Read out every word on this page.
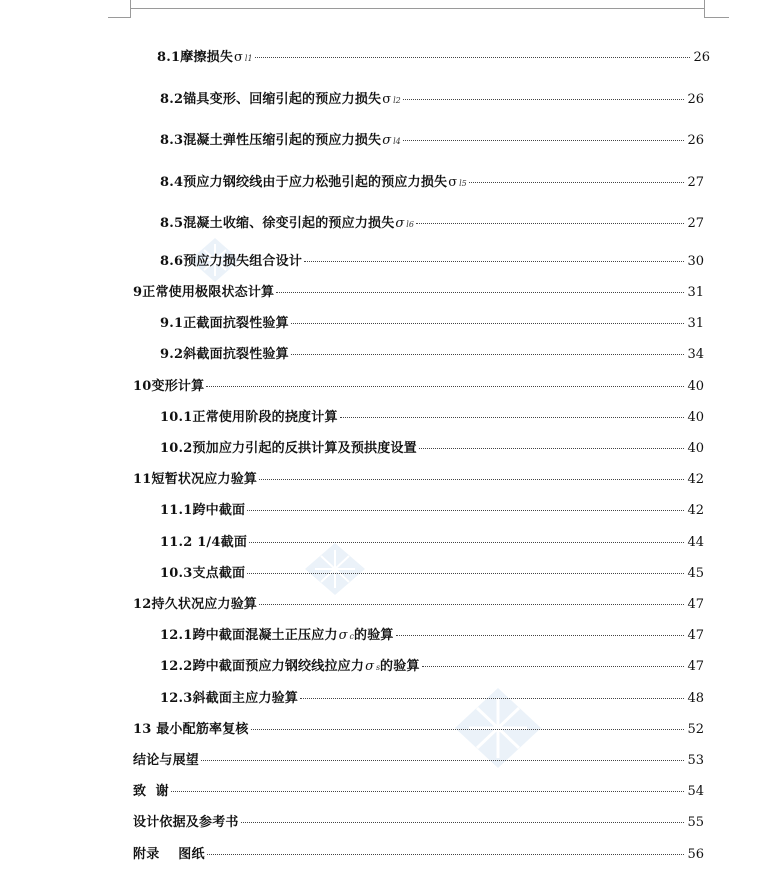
8.1摩擦损失 σ l1	26
8.2锚具变形、回缩引起的预应力损失 σ l2	26
8.3混凝土弹性压缩引起的预应力损失 σ l4	26
8.4预应力钢绞线由于应力松弛引起的预应力损失 σ l5	27
8.5混凝土收缩、徐变引起的预应力损失 σ l6	27
8.6预应力损失组合设计	30
9正常使用极限状态计算	31
9.1正截面抗裂性验算	31
9.2斜截面抗裂性验算	34
10变形计算	40
10.1正常使用阶段的挠度计算	40
10.2预加应力引起的反拱计算及预拱度设置	40
11短暂状况应力验算	42
11.1跨中截面	42
11.2 1/4截面	44
10.3支点截面	45
12持久状况应力验算	47
12.1跨中截面混凝土正压应力 σ c 的验算	47
12.2跨中截面预应力钢绞线拉应力 σ s 的验算	47
12.3斜截面主应力验算	48
13 最小配筋率复核	52
结论与展望	53
致  谢	54
设计依据及参考书	55
附录    图纸	56
